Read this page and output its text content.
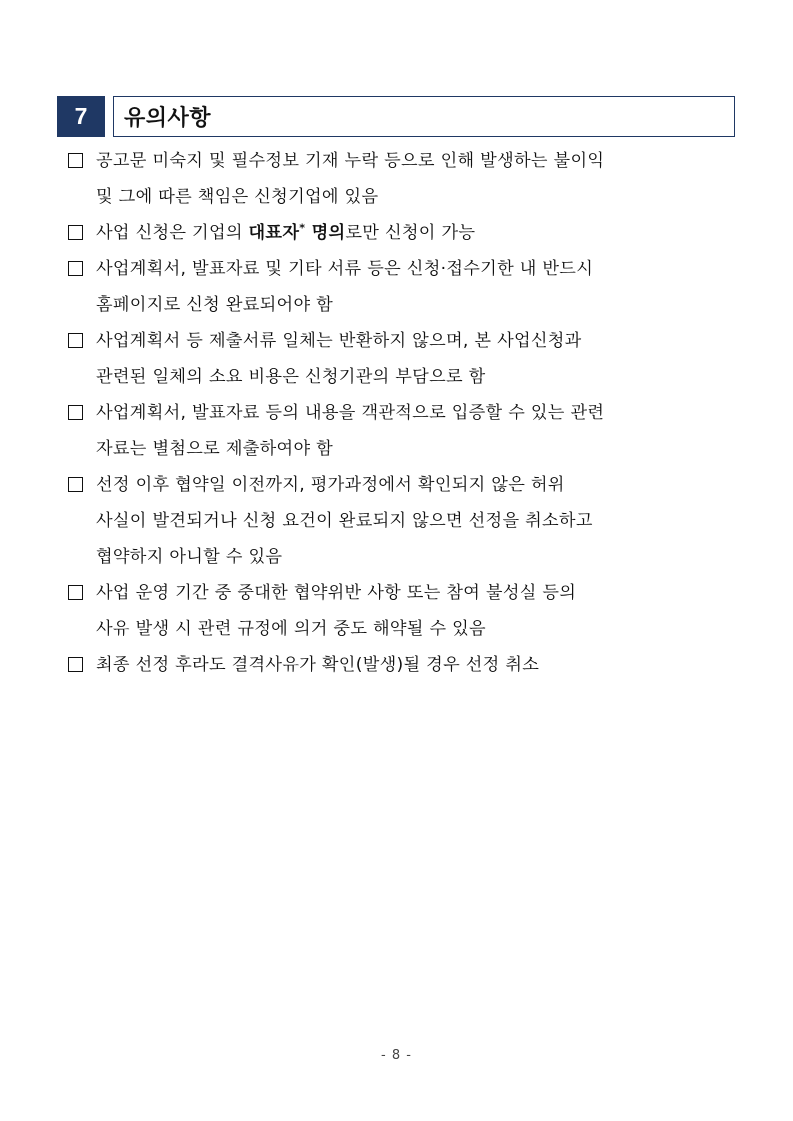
7	유의사항
공고문 미숙지 및 필수정보 기재 누락 등으로 인해 발생하는 불이익
및 그에 따른 책임은 신청기업에 있음
사업 신청은 기업의 대표자* 명의로만 신청이 가능
사업계획서, 발표자료 및 기타 서류 등은 신청·접수기한 내 반드시
홈페이지로 신청 완료되어야 함
사업계획서 등 제출서류 일체는 반환하지 않으며, 본 사업신청과
관련된 일체의 소요 비용은 신청기관의 부담으로 함
사업계획서, 발표자료 등의 내용을 객관적으로 입증할 수 있는 관련
자료는 별첨으로 제출하여야 함
선정 이후 협약일 이전까지, 평가과정에서 확인되지 않은 허위
사실이 발견되거나 신청 요건이 완료되지 않으면 선정을 취소하고
협약하지 아니할 수 있음
사업 운영 기간 중 중대한 협약위반 사항 또는 참여 불성실 등의
사유 발생 시 관련 규정에 의거 중도 해약될 수 있음
최종 선정 후라도 결격사유가 확인(발생)될 경우 선정 취소
- 8 -
